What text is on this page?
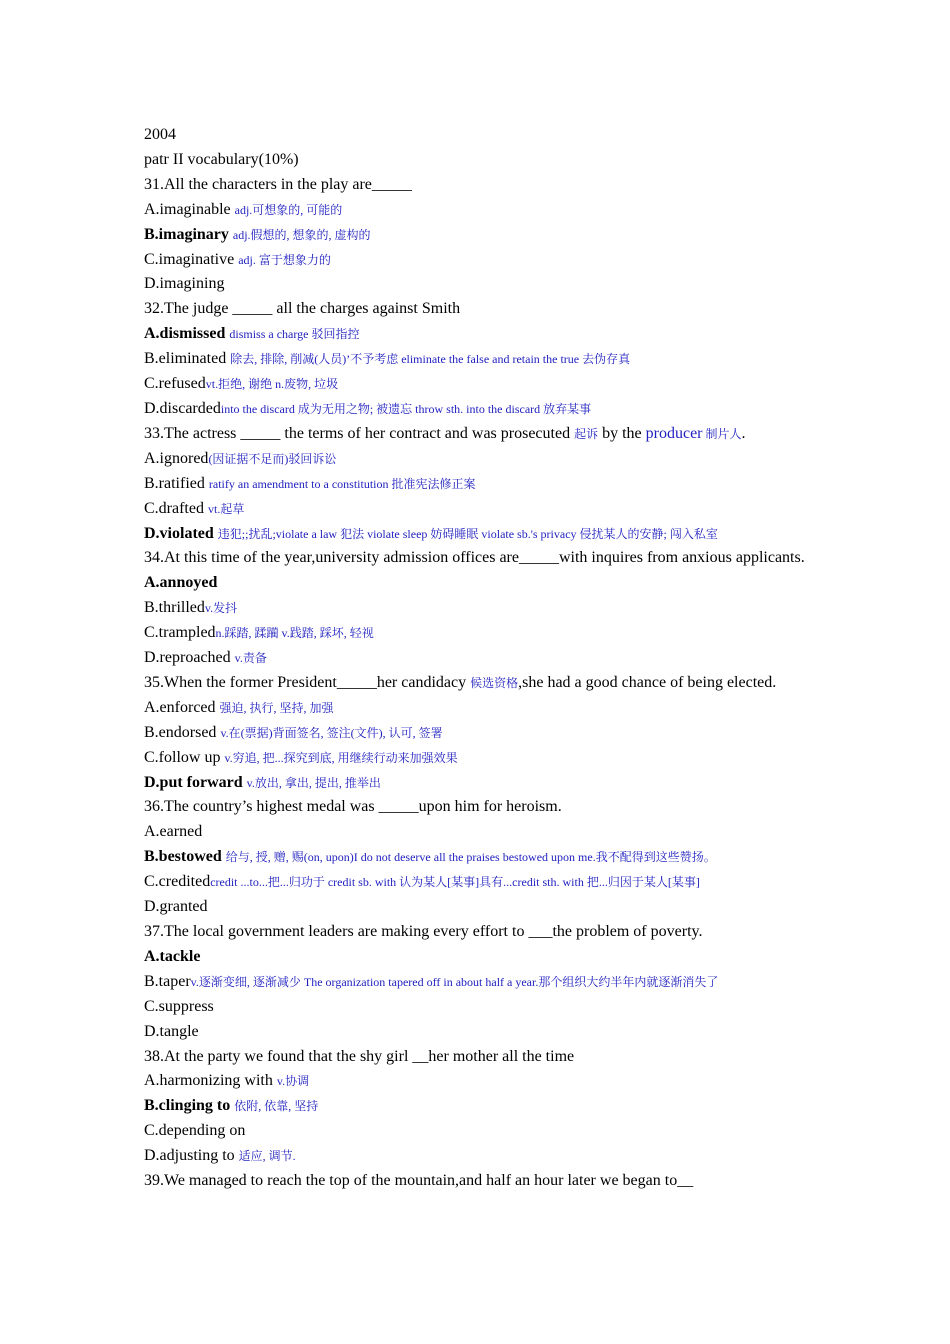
2004
patr II vocabulary(10%)
31.All the characters in the play are_____
A.imaginable adj.可想象的, 可能的
B.imaginary adj.假想的, 想象的, 虚构的
C.imaginative adj. 富于想象力的
D.imagining
32.The judge _____ all the charges against Smith
A.dismissed dismiss a charge 驳回指控
B.eliminated 除去, 排除, 削减(人员)’不予考虑 eliminate the false and retain the true 去伪存真
C.refusedvt.拒绝, 谢绝 n.废物, 垃圾
D.discardedinto the discard 成为无用之物; 被遗忘 throw sth. into the discard 放弃某事
33.The actress _____ the terms of her contract and was prosecuted 起诉 by the producer 制片人.
A.ignored(因证据不足而)驳回诉讼
B.ratified ratify an amendment to a constitution 批准宪法修正案
C.drafted vt.起草
D.violated 违犯;;扰乱;violate a law 犯法 violate sleep 妨碍睡眠 violate sb.'s privacy 侵扰某人的安静; 闯入私室
34.At this time of the year,university admission offices are_____with inquires from anxious applicants.
A.annoyed
B.thrilledv.发抖
C.trampledn.踩踏, 蹂躏 v.践踏, 踩坏, 轻视
D.reproached v.责备
35.When the former President_____her candidacy 候选资格,she had a good chance of being elected.
A.enforced 强迫, 执行, 坚持, 加强
B.endorsed v.在(票据)背面签名, 签注(文件), 认可, 签署
C.follow up v.穷追, 把...探究到底, 用继续行动来加强效果
D.put forward v.放出, 拿出, 提出, 推举出
36.The country’s highest medal was _____upon him for heroism.
A.earned
B.bestowed 给与, 授, 赠, 赐(on, upon)I do not deserve all the praises bestowed upon me.我不配得到这些赞扬。
C.creditedcredit ...to...把...归功于 credit sb. with 认为某人[某事]具有...credit sth. with 把...归因于某人[某事]
D.granted
37.The local government leaders are making every effort to ___the problem of poverty.
A.tackle
B.taperv.逐渐变细, 逐渐减少 The organization tapered off in about half a year.那个组织大约半年内就逐渐消失了
C.suppress
D.tangle
38.At the party we found that the shy girl __her mother all the time
A.harmonizing with v.协调
B.clinging to 依附, 依靠, 坚持
C.depending on
D.adjusting to 适应, 调节.
39.We managed to reach the top of the mountain,and half an hour later we began to__
